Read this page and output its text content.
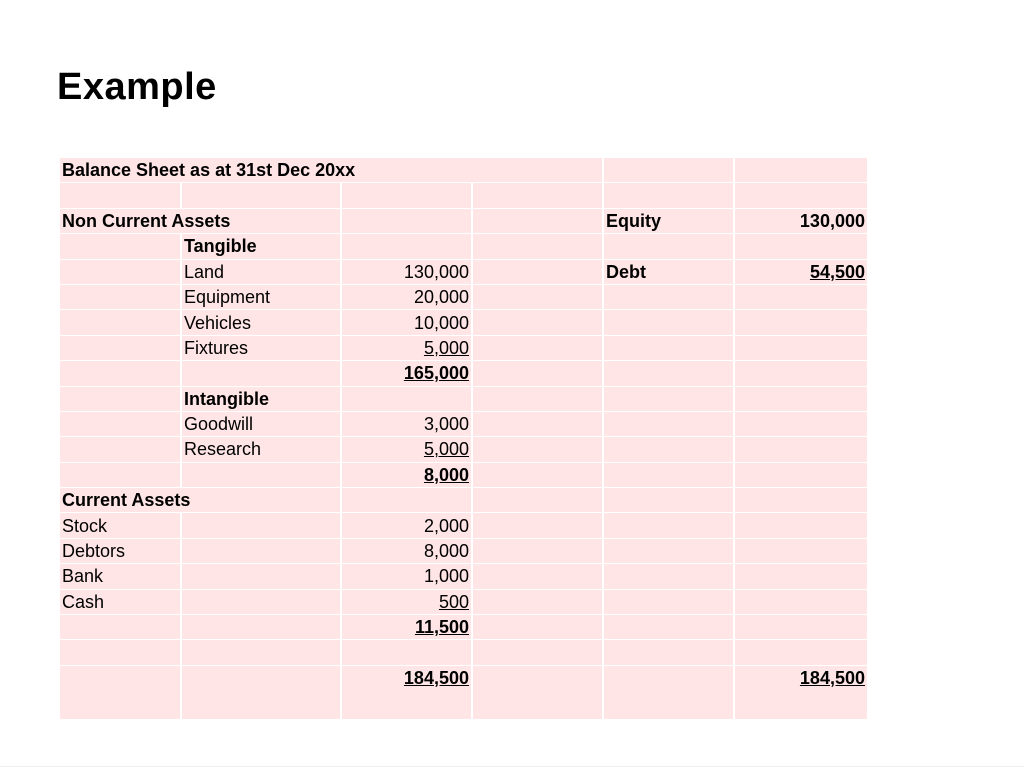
Example
Balance Sheet as at 31st Dec 20xx					

Non Current Assets				Equity	130,000
	Tangible				
	Land	130,000		Debt	54,500
	Equipment	20,000			
	Vehicles	10,000			
	Fixtures	5,000			
		165,000			
	Intangible				
	Goodwill	3,000			
	Research	5,000			
		8,000			
Current Assets					
Stock		2,000			
Debtors		8,000			
Bank		1,000			
Cash		500			
		11,500			

		184,500			184,500
